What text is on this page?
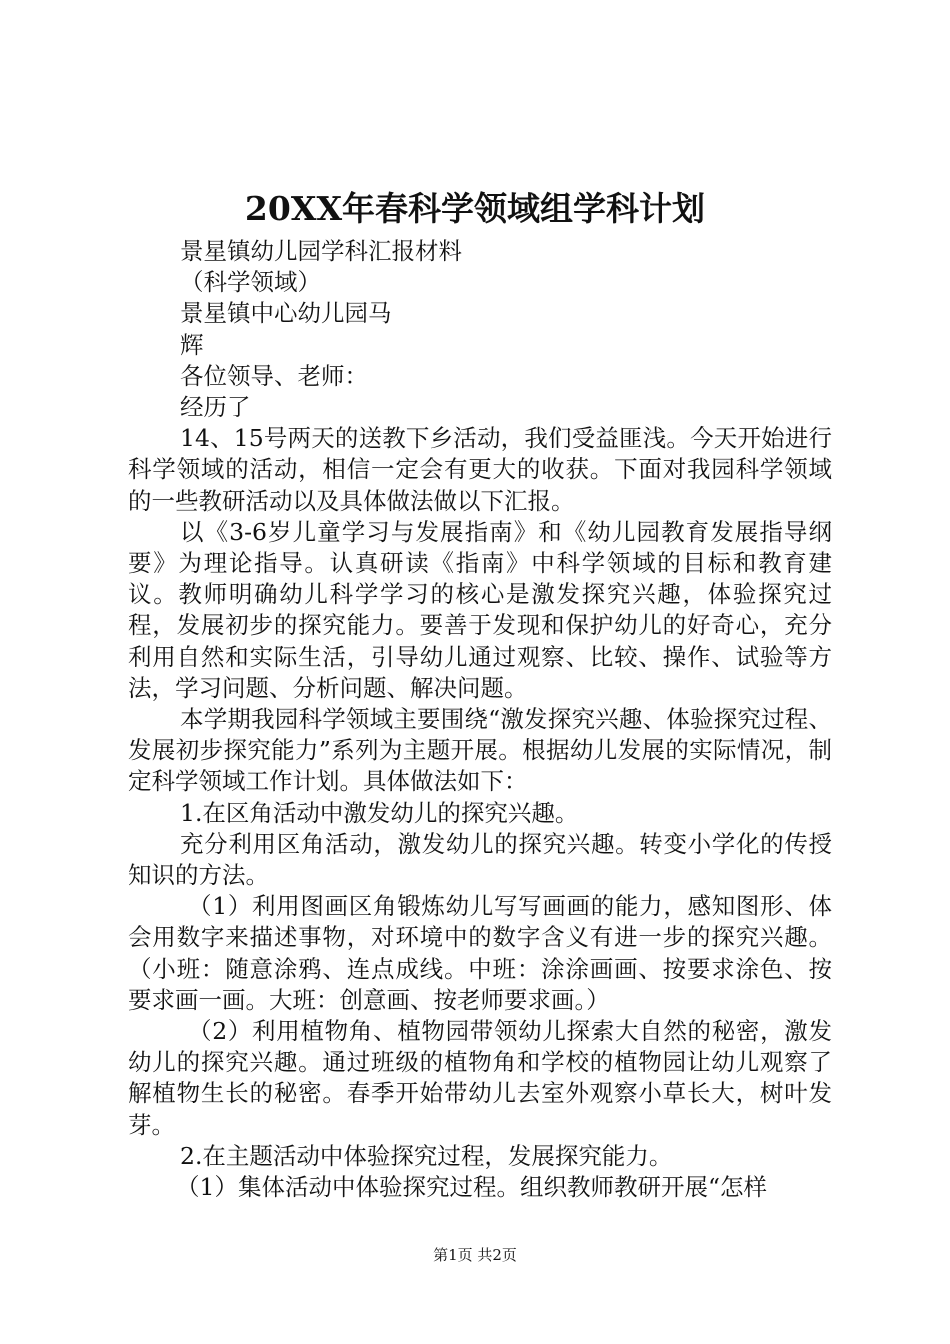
20XX年春科学领域组学科计划

景星镇幼儿园学科汇报材料

（科学领域）

景星镇中心幼儿园马

辉

各位领导、老师：

经历了

14、15号两天的送教下乡活动，我们受益匪浅。今天开始进行科学领域的活动，相信一定会有更大的收获。下面对我园科学领域的一些教研活动以及具体做法做以下汇报。

以《3-6岁儿童学习与发展指南》和《幼儿园教育发展指导纲要》为理论指导。认真研读《指南》中科学领域的目标和教育建议。教师明确幼儿科学学习的核心是激发探究兴趣，体验探究过程，发展初步的探究能力。要善于发现和保护幼儿的好奇心，充分利用自然和实际生活，引导幼儿通过观察、比较、操作、试验等方法，学习问题、分析问题、解决问题。

本学期我园科学领域主要围绕“激发探究兴趣、体验探究过程、发展初步探究能力”系列为主题开展。根据幼儿发展的实际情况，制定科学领域工作计划。具体做法如下：

1.在区角活动中激发幼儿的探究兴趣。

充分利用区角活动，激发幼儿的探究兴趣。转变小学化的传授知识的方法。

（1）利用图画区角锻炼幼儿写写画画的能力，感知图形、体会用数字来描述事物，对环境中的数字含义有进一步的探究兴趣。（小班：随意涂鸦、连点成线。中班：涂涂画画、按要求涂色、按要求画一画。大班：创意画、按老师要求画。）

（2）利用植物角、植物园带领幼儿探索大自然的秘密，激发幼儿的探究兴趣。通过班级的植物角和学校的植物园让幼儿观察了解植物生长的秘密。春季开始带幼儿去室外观察小草长大，树叶发芽。

2.在主题活动中体验探究过程，发展探究能力。

（1）集体活动中体验探究过程。组织教师教研开展“怎样

第1页 共2页
